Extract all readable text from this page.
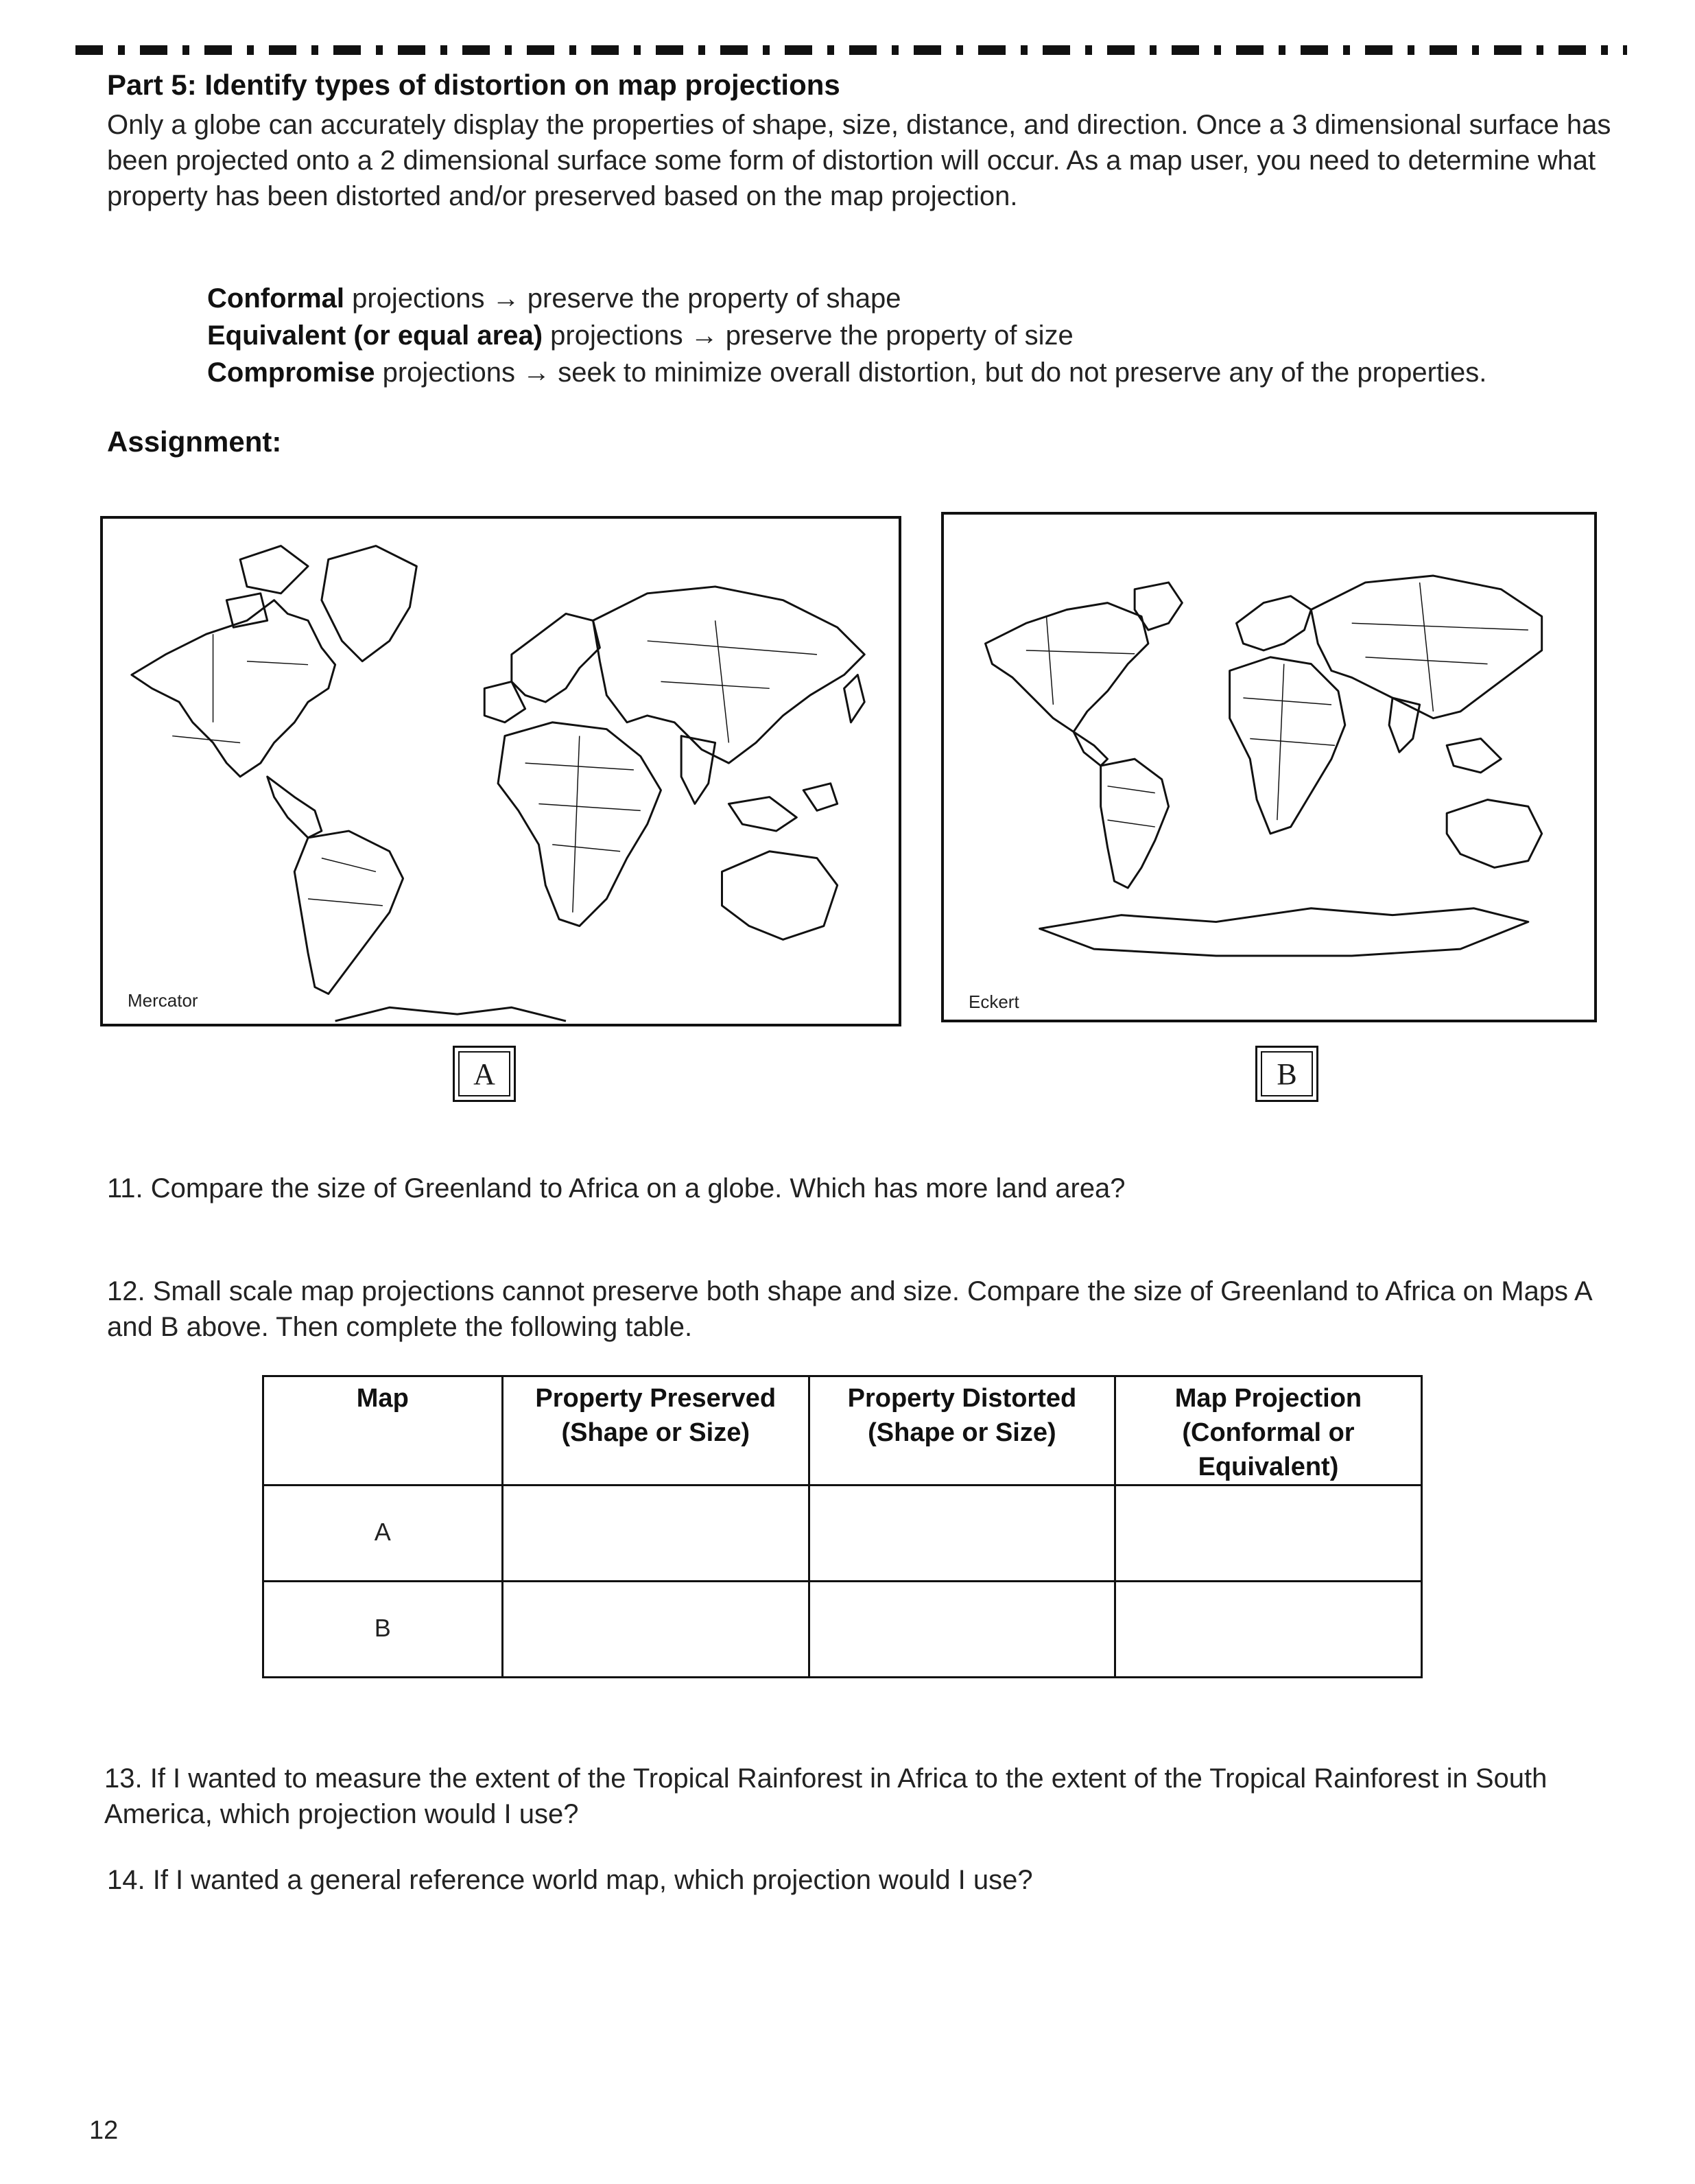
Part 5: Identify types of distortion on map projections
Only a globe can accurately display the properties of shape, size, distance, and direction. Once a 3 dimensional surface has been projected onto a 2 dimensional surface some form of distortion will occur. As a map user, you need to determine what property has been distorted and/or preserved based on the map projection.
Conformal projections → preserve the property of shape
Equivalent (or equal area) projections → preserve the property of size
Compromise projections → seek to minimize overall distortion, but do not preserve any of the properties.
Assignment:
Mercator	Eckert
A	B
11. Compare the size of Greenland to Africa on a globe. Which has more land area?
12. Small scale map projections cannot preserve both shape and size. Compare the size of Greenland to Africa on Maps A and B above. Then complete the following table.
Map	Property Preserved (Shape or Size)	Property Distorted (Shape or Size)	Map Projection (Conformal or Equivalent)
A			
B			
13. If I wanted to measure the extent of the Tropical Rainforest in Africa to the extent of the Tropical Rainforest in South America, which projection would I use?
14. If I wanted a general reference world map, which projection would I use?
12
